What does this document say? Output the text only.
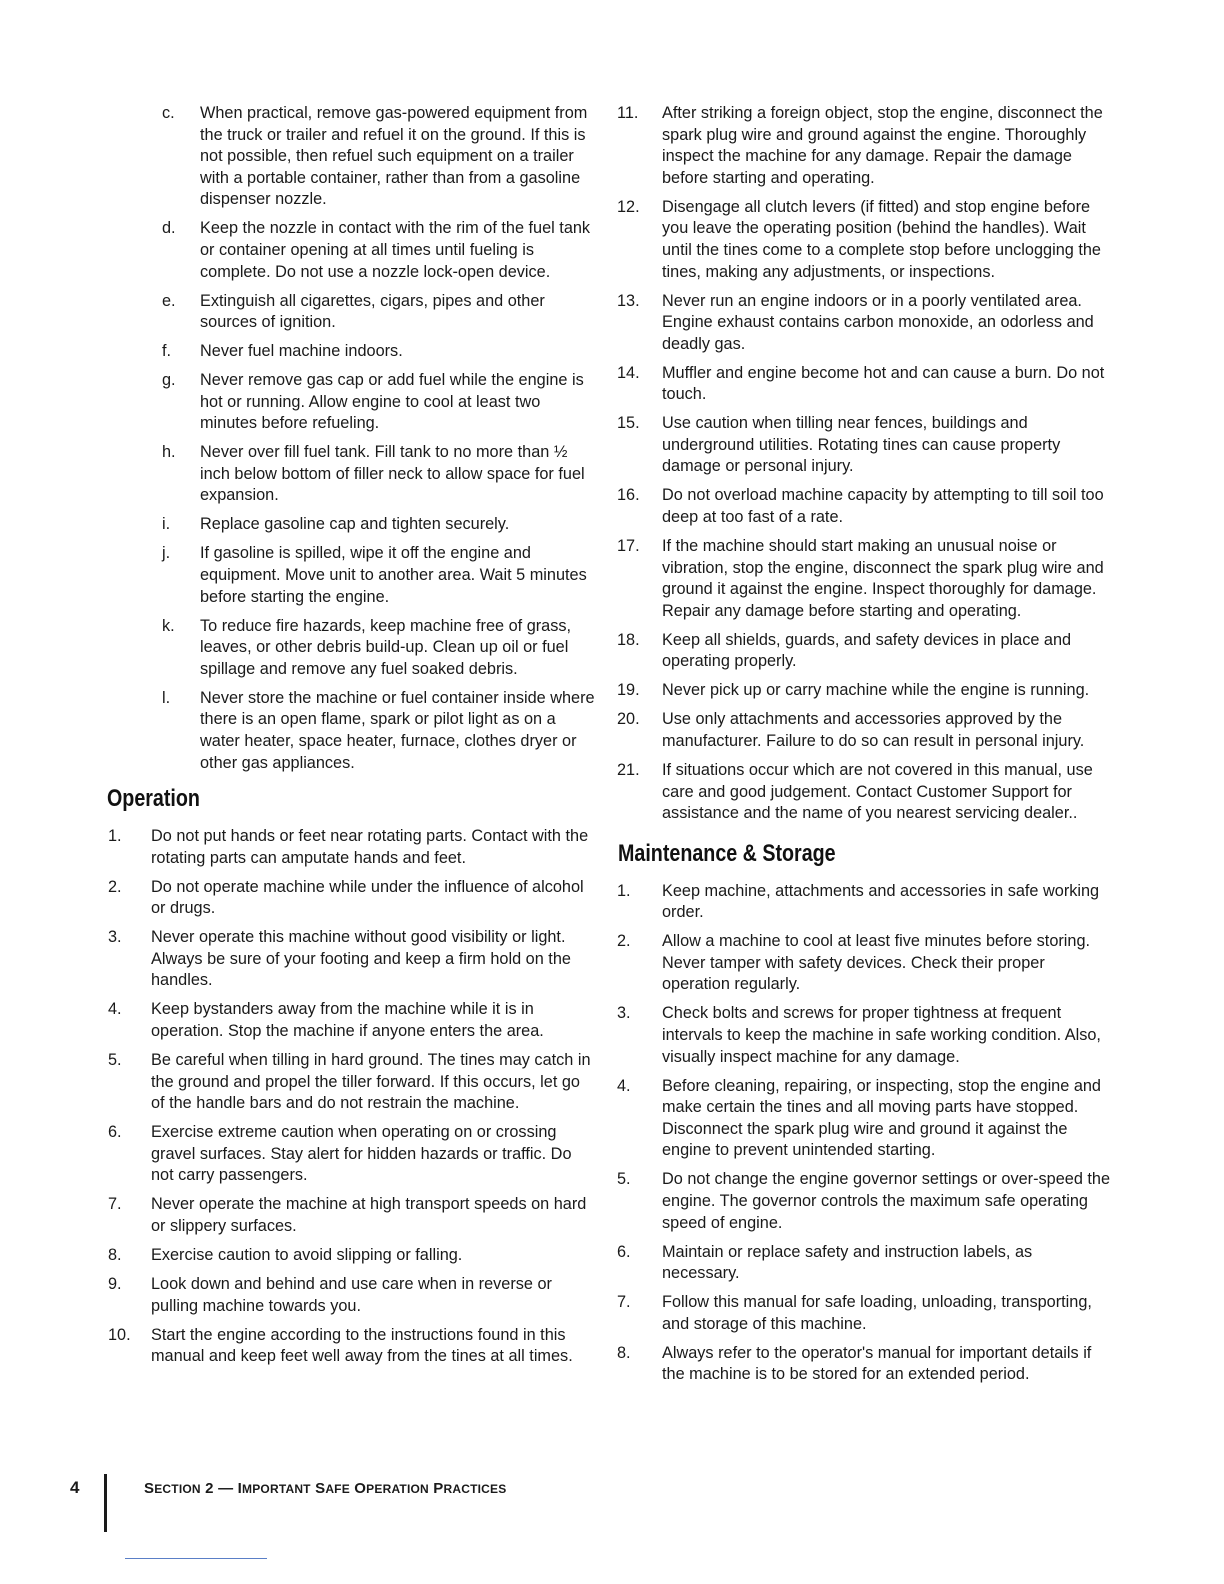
c. When practical, remove gas-powered equipment from the truck or trailer and refuel it on the ground. If this is not possible, then refuel such equipment on a trailer with a portable container, rather than from a gasoline dispenser nozzle.
d. Keep the nozzle in contact with the rim of the fuel tank or container opening at all times until fueling is complete. Do not use a nozzle lock-open device.
e. Extinguish all cigarettes, cigars, pipes and other sources of ignition.
f. Never fuel machine indoors.
g. Never remove gas cap or add fuel while the engine is hot or running. Allow engine to cool at least two minutes before refueling.
h. Never over fill fuel tank. Fill tank to no more than ½ inch below bottom of filler neck to allow space for fuel expansion.
i. Replace gasoline cap and tighten securely.
j. If gasoline is spilled, wipe it off the engine and equipment. Move unit to another area. Wait 5 minutes before starting the engine.
k. To reduce fire hazards, keep machine free of grass, leaves, or other debris build-up. Clean up oil or fuel spillage and remove any fuel soaked debris.
l. Never store the machine or fuel container inside where there is an open flame, spark or pilot light as on a water heater, space heater, furnace, clothes dryer or other gas appliances.
Operation
1. Do not put hands or feet near rotating parts. Contact with the rotating parts can amputate hands and feet.
2. Do not operate machine while under the influence of alcohol or drugs.
3. Never operate this machine without good visibility or light. Always be sure of your footing and keep a firm hold on the handles.
4. Keep bystanders away from the machine while it is in operation. Stop the machine if anyone enters the area.
5. Be careful when tilling in hard ground. The tines may catch in the ground and propel the tiller forward. If this occurs, let go of the handle bars and do not restrain the machine.
6. Exercise extreme caution when operating on or crossing gravel surfaces. Stay alert for hidden hazards or traffic. Do not carry passengers.
7. Never operate the machine at high transport speeds on hard or slippery surfaces.
8. Exercise caution to avoid slipping or falling.
9. Look down and behind and use care when in reverse or pulling machine towards you.
10. Start the engine according to the instructions found in this manual and keep feet well away from the tines at all times.
11. After striking a foreign object, stop the engine, disconnect the spark plug wire and ground against the engine. Thoroughly inspect the machine for any damage. Repair the damage before starting and operating.
12. Disengage all clutch levers (if fitted) and stop engine before you leave the operating position (behind the handles). Wait until the tines come to a complete stop before unclogging the tines, making any adjustments, or inspections.
13. Never run an engine indoors or in a poorly ventilated area. Engine exhaust contains carbon monoxide, an odorless and deadly gas.
14. Muffler and engine become hot and can cause a burn. Do not touch.
15. Use caution when tilling near fences, buildings and underground utilities. Rotating tines can cause property damage or personal injury.
16. Do not overload machine capacity by attempting to till soil too deep at too fast of a rate.
17. If the machine should start making an unusual noise or vibration, stop the engine, disconnect the spark plug wire and ground it against the engine. Inspect thoroughly for damage. Repair any damage before starting and operating.
18. Keep all shields, guards, and safety devices in place and operating properly.
19. Never pick up or carry machine while the engine is running.
20. Use only attachments and accessories approved by the manufacturer. Failure to do so can result in personal injury.
21. If situations occur which are not covered in this manual, use care and good judgement. Contact Customer Support for assistance and the name of you nearest servicing dealer..
Maintenance & Storage
1. Keep machine, attachments and accessories in safe working order.
2. Allow a machine to cool at least five minutes before storing. Never tamper with safety devices. Check their proper operation regularly.
3. Check bolts and screws for proper tightness at frequent intervals to keep the machine in safe working condition. Also, visually inspect machine for any damage.
4. Before cleaning, repairing, or inspecting, stop the engine and make certain the tines and all moving parts have stopped. Disconnect the spark plug wire and ground it against the engine to prevent unintended starting.
5. Do not change the engine governor settings or over-speed the engine. The governor controls the maximum safe operating speed of engine.
6. Maintain or replace safety and instruction labels, as necessary.
7. Follow this manual for safe loading, unloading, transporting, and storage of this machine.
8. Always refer to the operator's manual for important details if the machine is to be stored for an extended period.
4	SECTION 2 — IMPORTANT SAFE OPERATION PRACTICES
